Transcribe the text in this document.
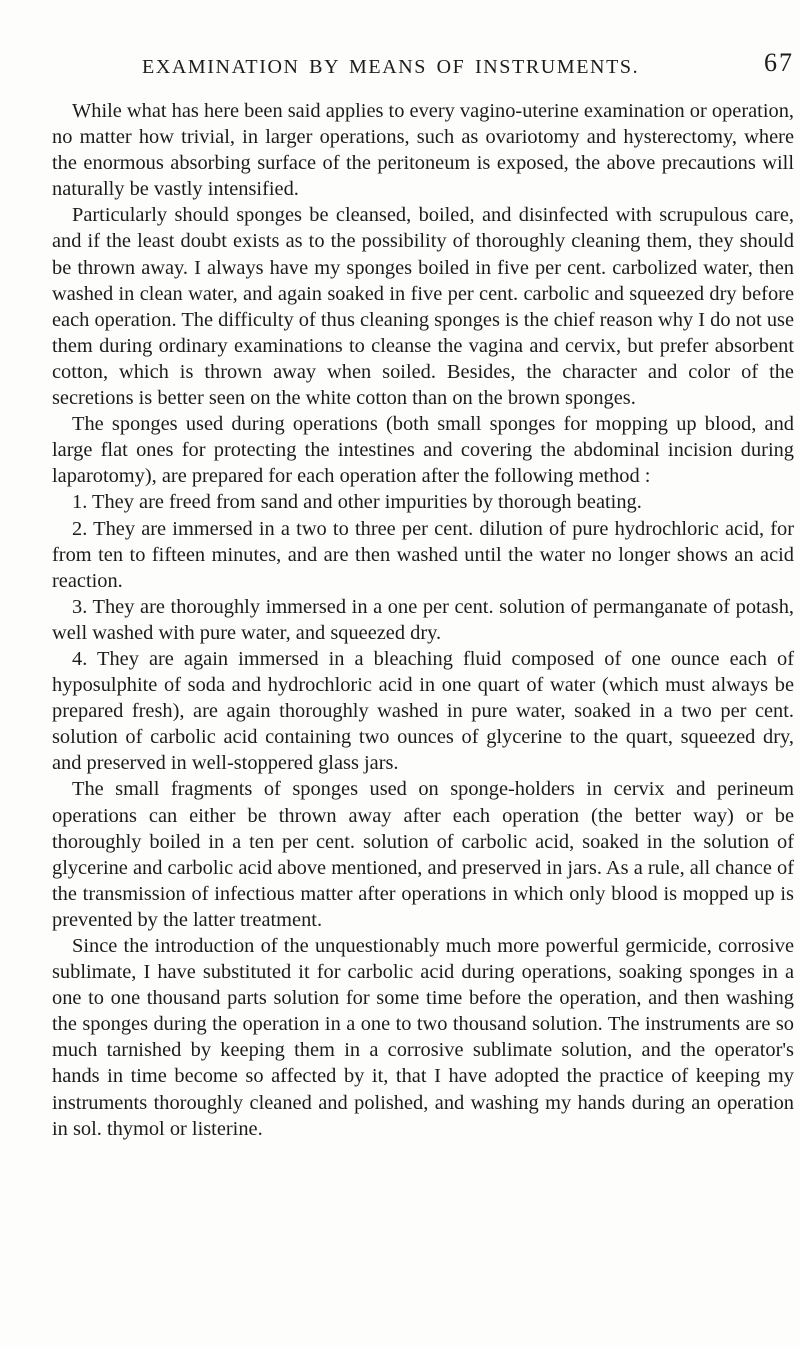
EXAMINATION BY MEANS OF INSTRUMENTS.	67

While what has here been said applies to every vagino-uterine examination or operation, no matter how trivial, in larger operations, such as ovariotomy and hysterectomy, where the enormous absorbing surface of the peritoneum is exposed, the above precautions will naturally be vastly intensified.

Particularly should sponges be cleansed, boiled, and disinfected with scrupulous care, and if the least doubt exists as to the possibility of thoroughly cleaning them, they should be thrown away. I always have my sponges boiled in five per cent. carbolized water, then washed in clean water, and again soaked in five per cent. carbolic and squeezed dry before each operation. The difficulty of thus cleaning sponges is the chief reason why I do not use them during ordinary examinations to cleanse the vagina and cervix, but prefer absorbent cotton, which is thrown away when soiled. Besides, the character and color of the secretions is better seen on the white cotton than on the brown sponges.

The sponges used during operations (both small sponges for mopping up blood, and large flat ones for protecting the intestines and covering the abdominal incision during laparotomy), are prepared for each operation after the following method :

1. They are freed from sand and other impurities by thorough beating.

2. They are immersed in a two to three per cent. dilution of pure hydrochloric acid, for from ten to fifteen minutes, and are then washed until the water no longer shows an acid reaction.

3. They are thoroughly immersed in a one per cent. solution of permanganate of potash, well washed with pure water, and squeezed dry.

4. They are again immersed in a bleaching fluid composed of one ounce each of hyposulphite of soda and hydrochloric acid in one quart of water (which must always be prepared fresh), are again thoroughly washed in pure water, soaked in a two per cent. solution of carbolic acid containing two ounces of glycerine to the quart, squeezed dry, and preserved in well-stoppered glass jars.

The small fragments of sponges used on sponge-holders in cervix and perineum operations can either be thrown away after each operation (the better way) or be thoroughly boiled in a ten per cent. solution of carbolic acid, soaked in the solution of glycerine and carbolic acid above mentioned, and preserved in jars. As a rule, all chance of the transmission of infectious matter after operations in which only blood is mopped up is prevented by the latter treatment.

Since the introduction of the unquestionably much more powerful germicide, corrosive sublimate, I have substituted it for carbolic acid during operations, soaking sponges in a one to one thousand parts solution for some time before the operation, and then washing the sponges during the operation in a one to two thousand solution. The instruments are so much tarnished by keeping them in a corrosive sublimate solution, and the operator's hands in time become so affected by it, that I have adopted the practice of keeping my instruments thoroughly cleaned and polished, and washing my hands during an operation in sol. thymol or listerine.
